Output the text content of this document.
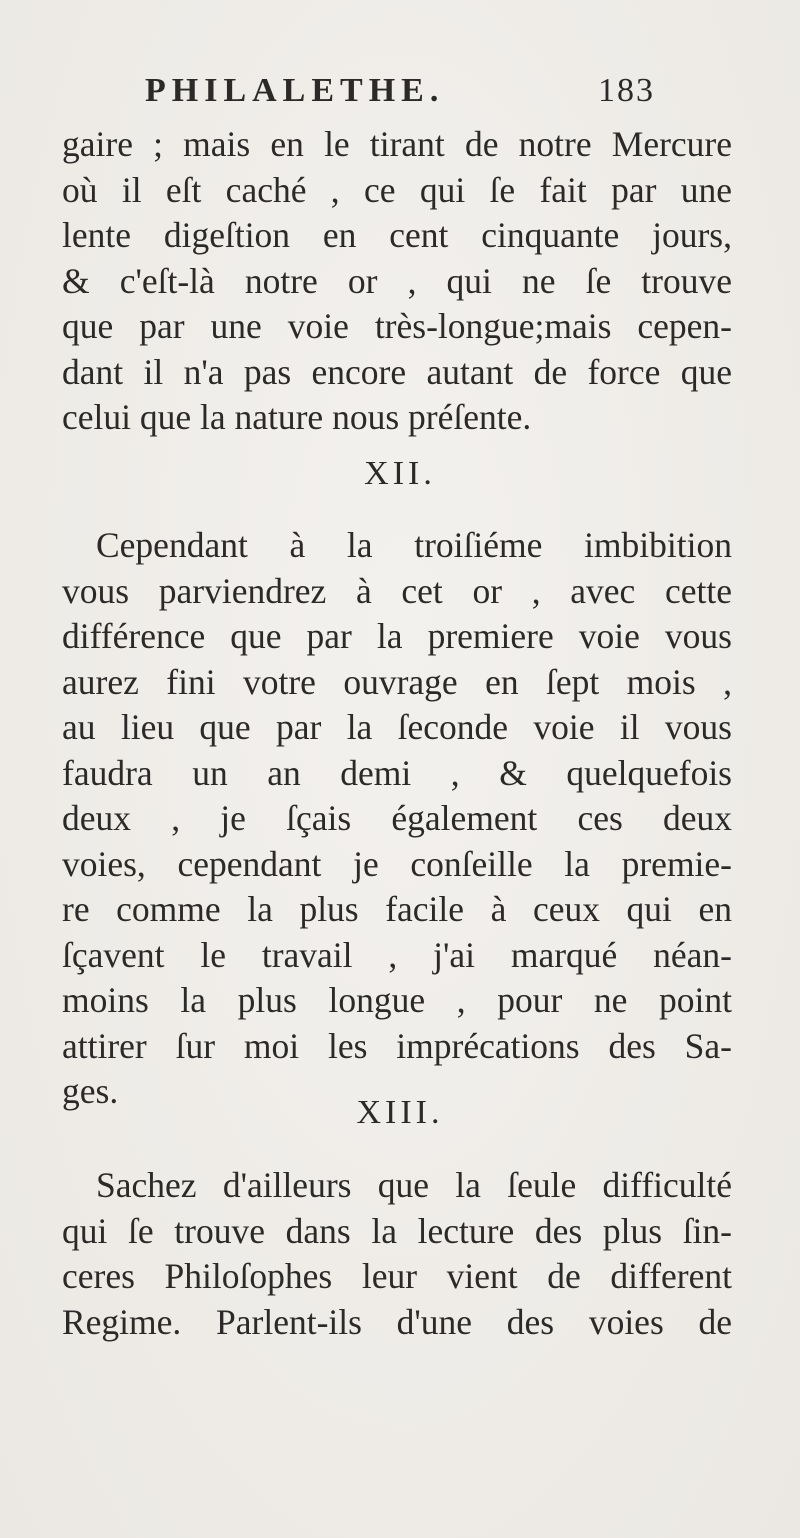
PHILALETHE.	183
gaire ; mais en le tirant de notre Mercure
où il eſt caché , ce qui ſe fait par une
lente digeſtion en cent cinquante jours,
& c'eſt-là notre or , qui ne ſe trouve
que par une voie très-longue;mais cepen-
dant il n'a pas encore autant de force que
celui que la nature nous préſente.
XII.
Cependant à la troiſiéme imbibition
vous parviendrez à cet or , avec cette
différence que par la premiere voie vous
aurez fini votre ouvrage en ſept mois ,
au lieu que par la ſeconde voie il vous
faudra un an demi , & quelquefois
deux , je ſçais également ces deux
voies, cependant je conſeille la premie-
re comme la plus facile à ceux qui en
ſçavent le travail , j'ai marqué néan-
moins la plus longue , pour ne point
attirer ſur moi les imprécations des Sa-
ges.
XIII.
Sachez d'ailleurs que la ſeule difficulté
qui ſe trouve dans la lecture des plus ſin-
ceres Philoſophes leur vient de different
Regime. Parlent-ils d'une des voies de
